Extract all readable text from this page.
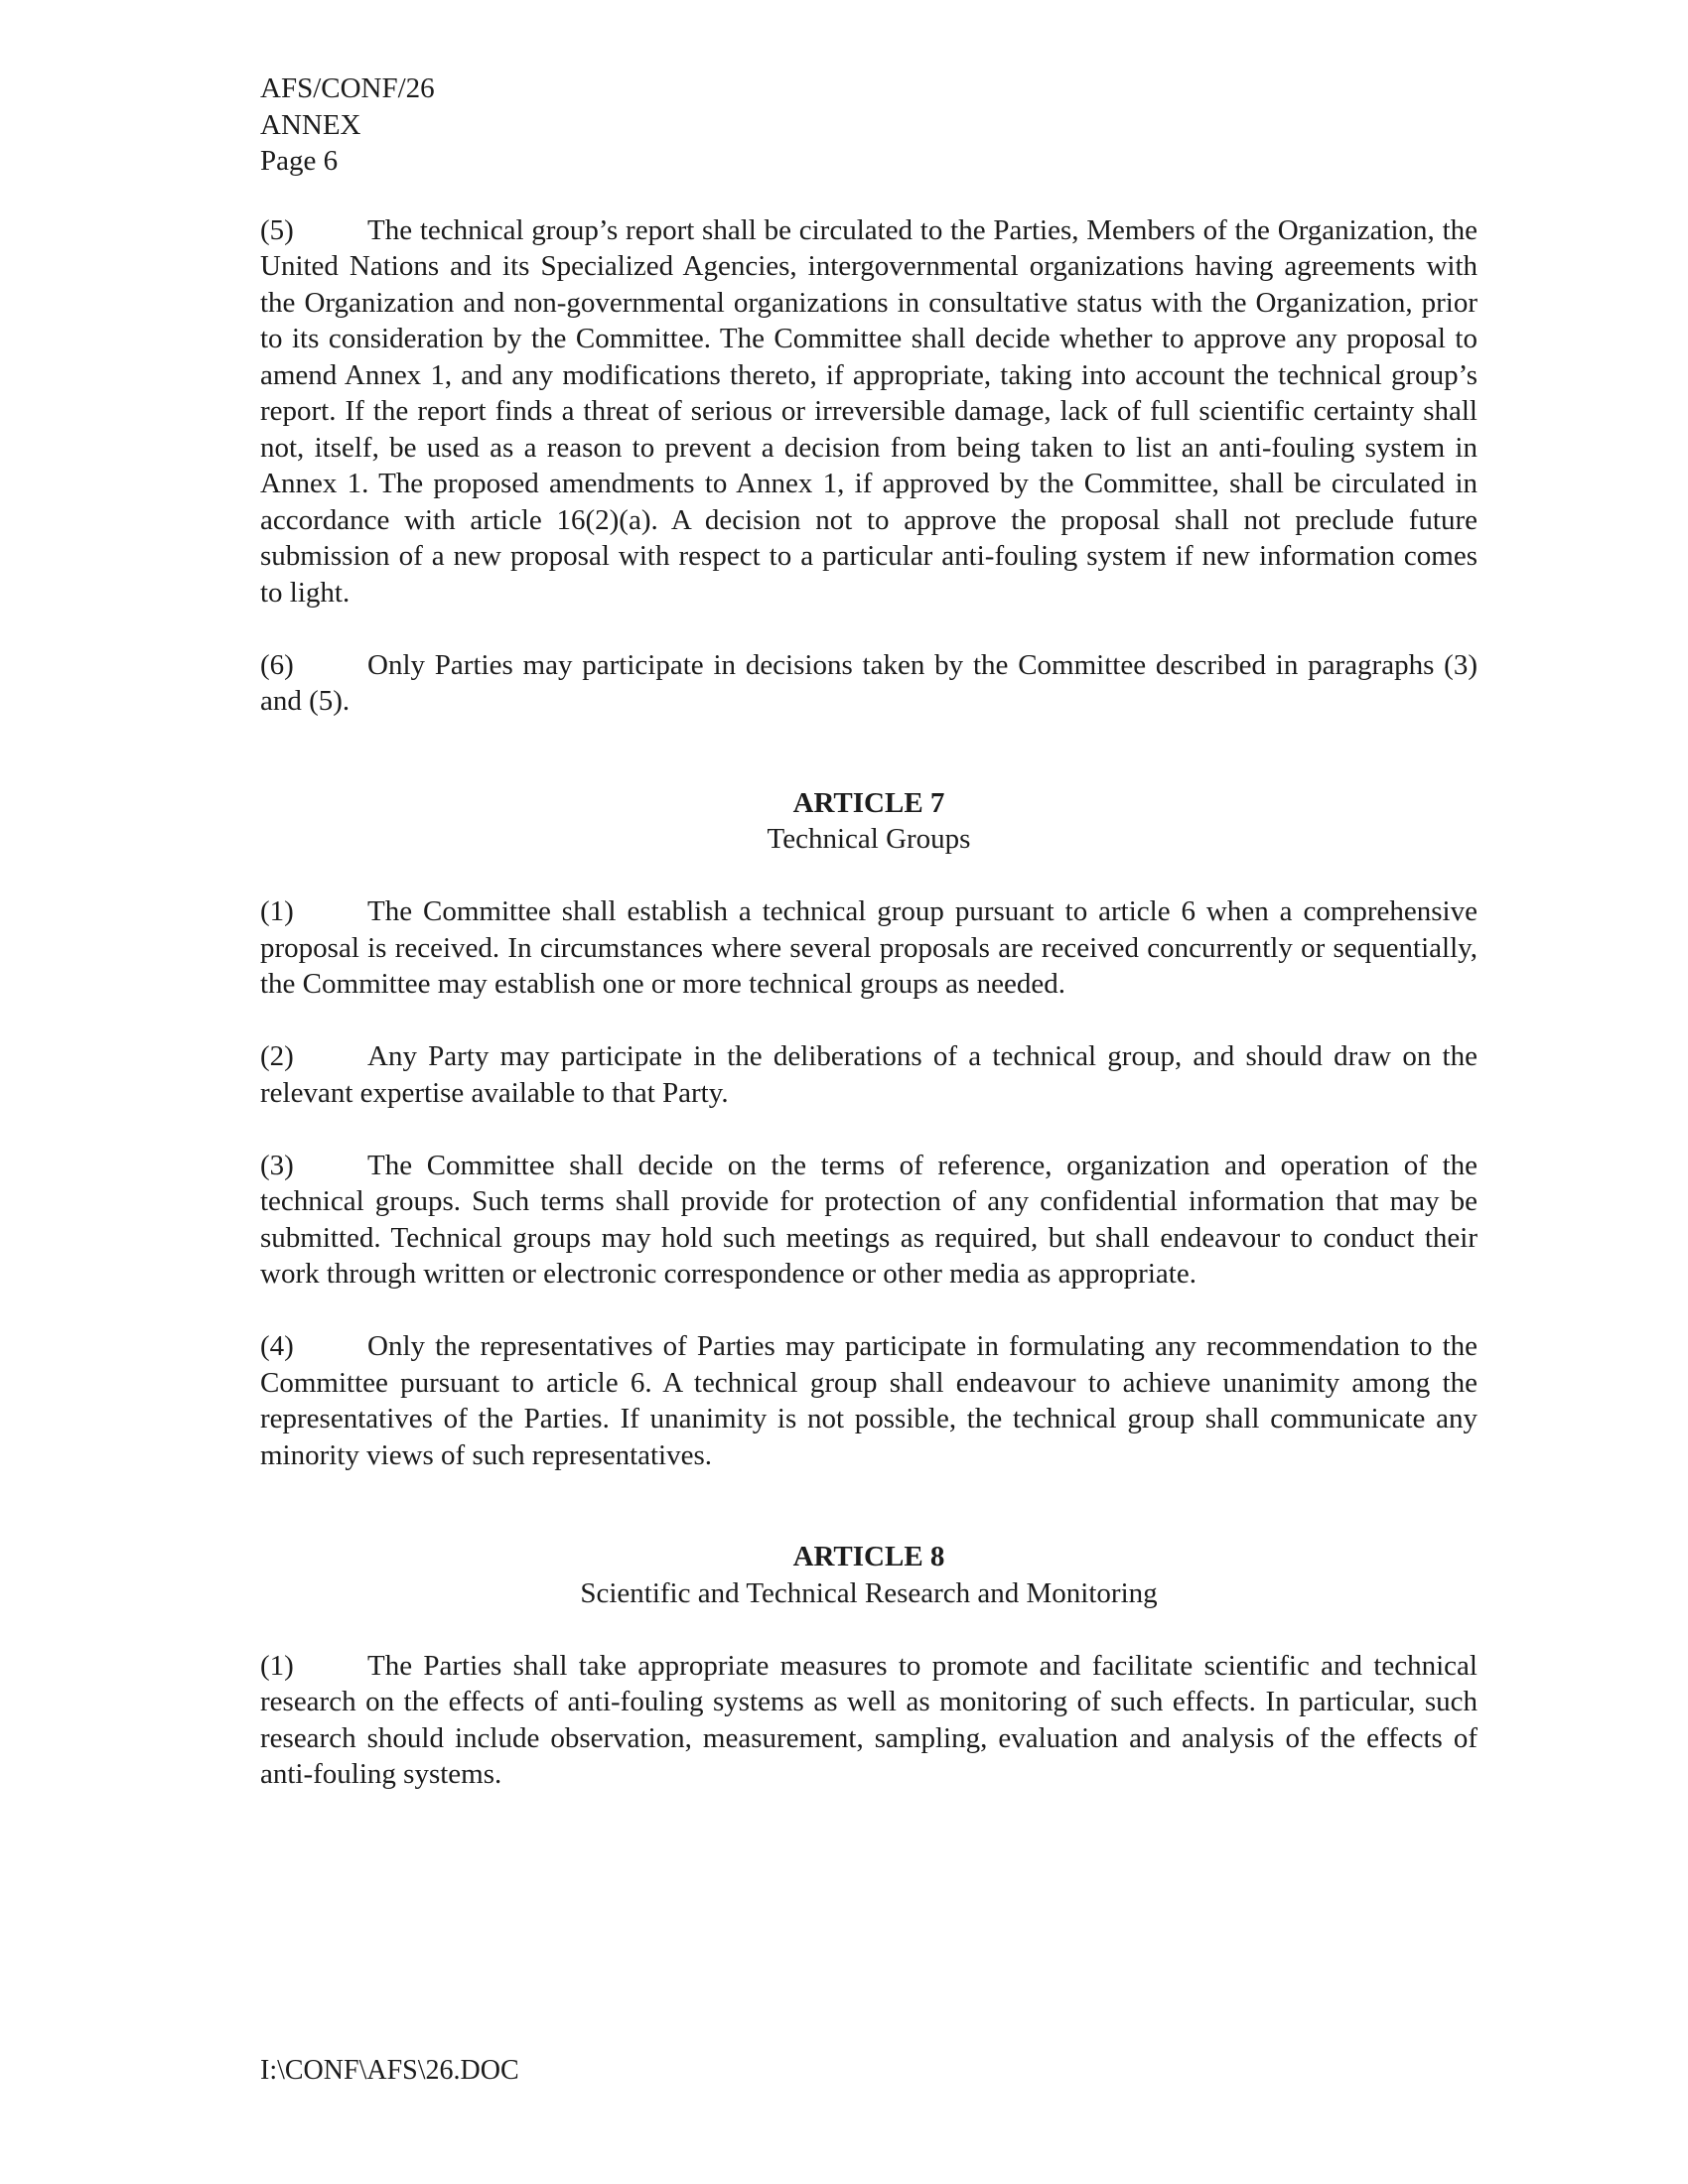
AFS/CONF/26
ANNEX
Page 6

(5)	The technical group’s report shall be circulated to the Parties, Members of the Organization, the United Nations and its Specialized Agencies, intergovernmental organizations having agreements with the Organization and non-governmental organizations in consultative status with the Organization, prior to its consideration by the Committee. The Committee shall decide whether to approve any proposal to amend Annex 1, and any modifications thereto, if appropriate, taking into account the technical group’s report. If the report finds a threat of serious or irreversible damage, lack of full scientific certainty shall not, itself, be used as a reason to prevent a decision from being taken to list an anti-fouling system in Annex 1. The proposed amendments to Annex 1, if approved by the Committee, shall be circulated in accordance with article 16(2)(a). A decision not to approve the proposal shall not preclude future submission of a new proposal with respect to a particular anti-fouling system if new information comes to light.

(6)	Only Parties may participate in decisions taken by the Committee described in paragraphs (3) and (5).

ARTICLE 7
Technical Groups

(1)	The Committee shall establish a technical group pursuant to article 6 when a comprehensive proposal is received. In circumstances where several proposals are received concurrently or sequentially, the Committee may establish one or more technical groups as needed.

(2)	Any Party may participate in the deliberations of a technical group, and should draw on the relevant expertise available to that Party.

(3)	The Committee shall decide on the terms of reference, organization and operation of the technical groups. Such terms shall provide for protection of any confidential information that may be submitted. Technical groups may hold such meetings as required, but shall endeavour to conduct their work through written or electronic correspondence or other media as appropriate.

(4)	Only the representatives of Parties may participate in formulating any recommendation to the Committee pursuant to article 6. A technical group shall endeavour to achieve unanimity among the representatives of the Parties. If unanimity is not possible, the technical group shall communicate any minority views of such representatives.

ARTICLE 8
Scientific and Technical Research and Monitoring

(1)	The Parties shall take appropriate measures to promote and facilitate scientific and technical research on the effects of anti-fouling systems as well as monitoring of such effects. In particular, such research should include observation, measurement, sampling, evaluation and analysis of the effects of anti-fouling systems.

I:\CONF\AFS\26.DOC
